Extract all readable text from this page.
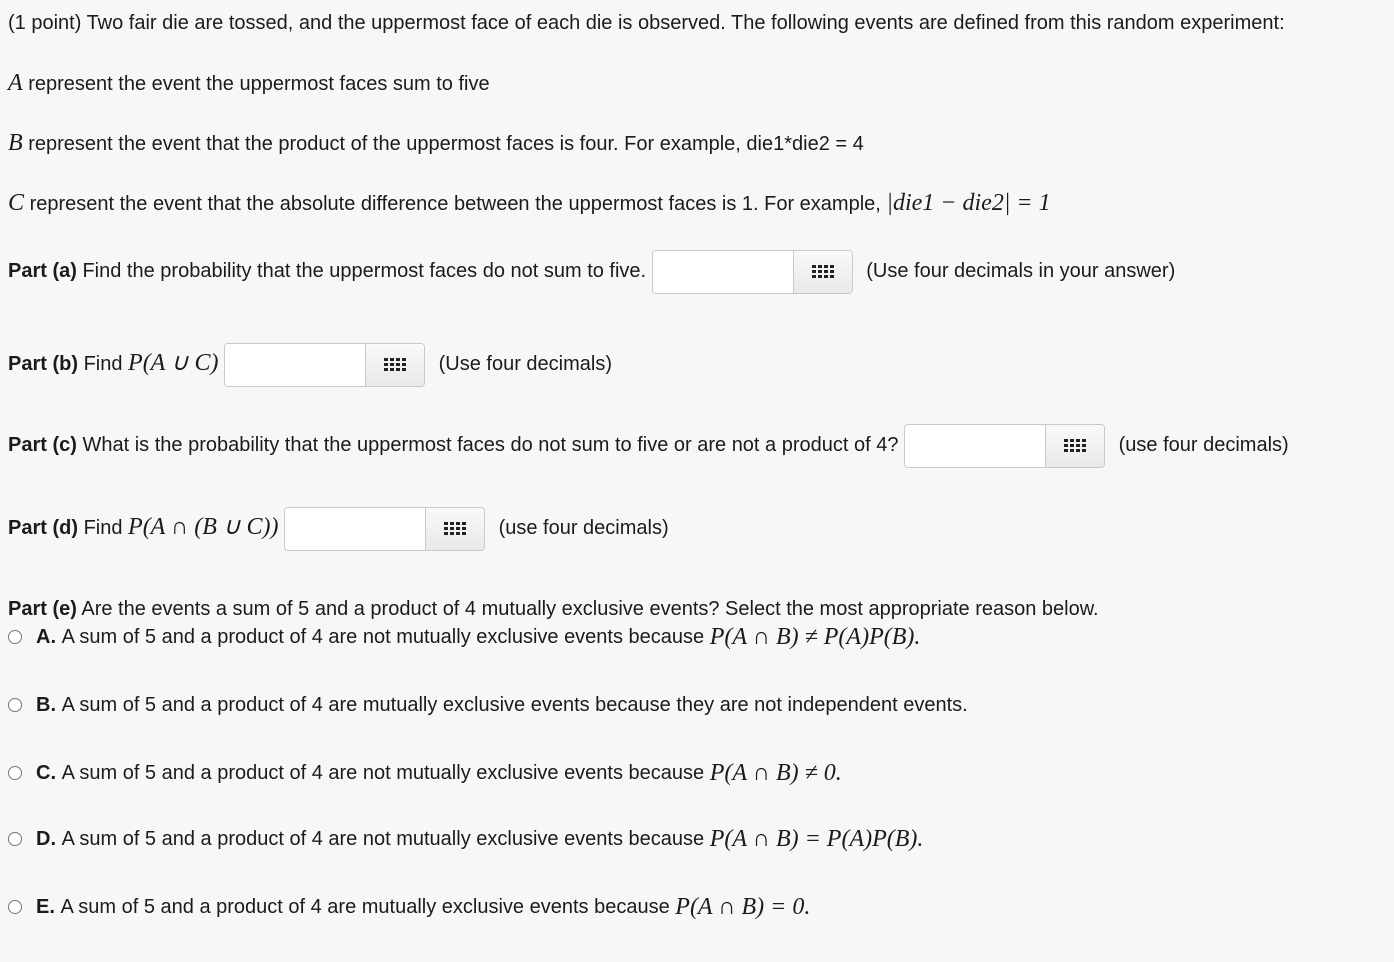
(1 point) Two fair die are tossed, and the uppermost face of each die is observed. The following events are defined from this random experiment:
A represent the event the uppermost faces sum to five
B represent the event that the product of the uppermost faces is four. For example, die1*die2 = 4
C represent the event that the absolute difference between the uppermost faces is 1. For example, |die1 − die2| = 1
Part (a) Find the probability that the uppermost faces do not sum to five.	(Use four decimals in your answer)
Part (b) Find P(A ∪ C)	(Use four decimals)
Part (c) What is the probability that the uppermost faces do not sum to five or are not a product of 4?	(use four decimals)
Part (d) Find P(A ∩ (B ∪ C))	(use four decimals)
Part (e) Are the events a sum of 5 and a product of 4 mutually exclusive events? Select the most appropriate reason below.
A.
A sum of 5 and a product of 4 are not mutually exclusive events because
P(A ∩ B) ≠ P(A)P(B).
B.
A sum of 5 and a product of 4 are mutually exclusive events because they are not independent events.
C.
A sum of 5 and a product of 4 are not mutually exclusive events because
P(A ∩ B) ≠ 0.
D.
A sum of 5 and a product of 4 are not mutually exclusive events because
P(A ∩ B) = P(A)P(B).
E.
A sum of 5 and a product of 4 are mutually exclusive events because
P(A ∩ B) = 0.
